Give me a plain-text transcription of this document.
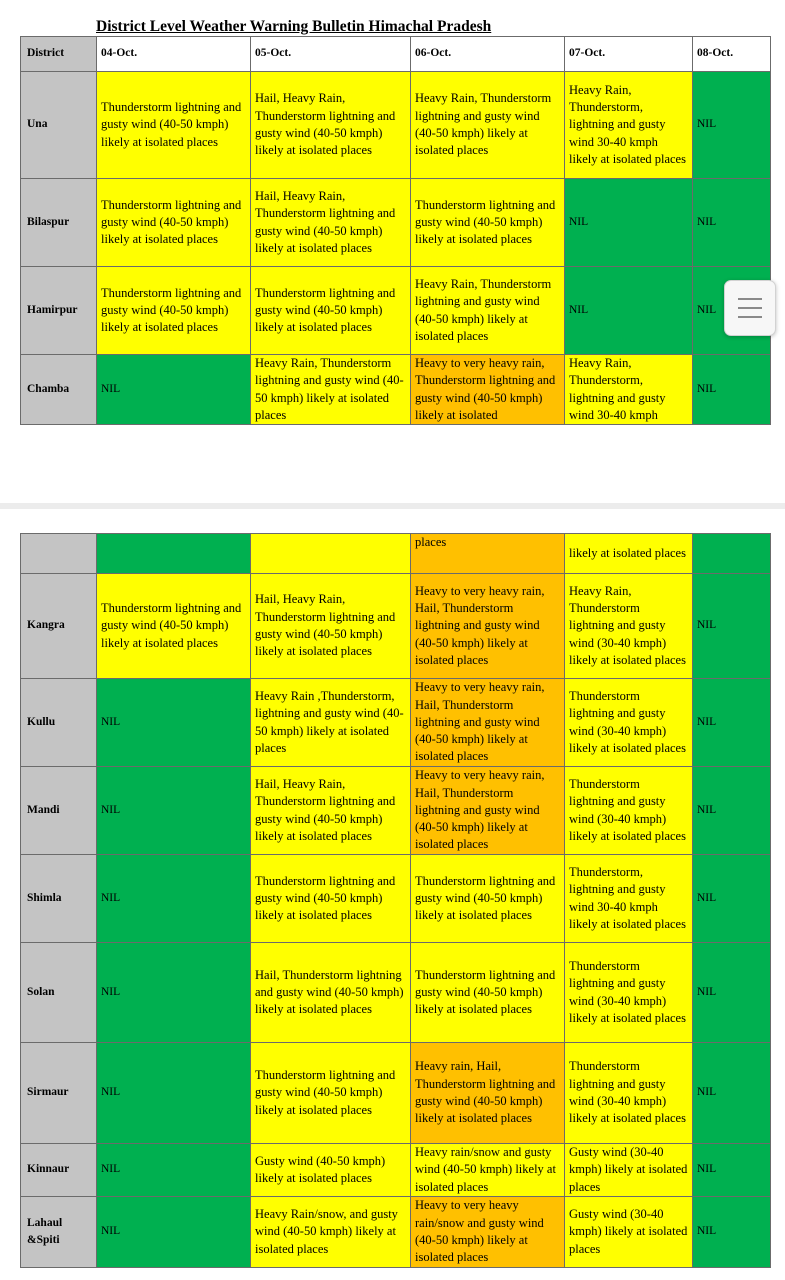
District Level Weather Warning Bulletin Himachal Pradesh
District	04-Oct.	05-Oct.	06-Oct.	07-Oct.	08-Oct.
Una	Thunderstorm lightning and gusty wind (40-50 kmph) likely at isolated places	Hail, Heavy Rain, Thunderstorm lightning and gusty wind (40-50 kmph) likely at isolated places	Heavy Rain, Thunderstorm lightning and gusty wind (40-50 kmph) likely at isolated places	Heavy Rain, Thunderstorm, lightning and gusty wind 30-40 kmph likely at isolated places	NIL
Bilaspur	Thunderstorm lightning and gusty wind (40-50 kmph) likely at isolated places	Hail, Heavy Rain, Thunderstorm lightning and gusty wind (40-50 kmph) likely at isolated places	Thunderstorm lightning and gusty wind (40-50 kmph) likely at isolated places	NIL	NIL
Hamirpur	Thunderstorm lightning and gusty wind (40-50 kmph) likely at isolated places	Thunderstorm lightning and gusty wind (40-50 kmph) likely at isolated places	Heavy Rain, Thunderstorm lightning and gusty wind (40-50 kmph) likely at isolated places	NIL	NIL
Chamba	NIL	Heavy Rain, Thunderstorm lightning and gusty wind (40-50 kmph) likely at isolated places	Heavy to very heavy rain, Thunderstorm lightning and gusty wind (40-50 kmph) likely at isolated	Heavy Rain, Thunderstorm, lightning and gusty wind 30-40 kmph	NIL
			places	likely at isolated places	
Kangra	Thunderstorm lightning and gusty wind (40-50 kmph) likely at isolated places	Hail, Heavy Rain, Thunderstorm lightning and gusty wind (40-50 kmph) likely at isolated places	Heavy to very heavy rain, Hail, Thunderstorm lightning and gusty wind (40-50 kmph) likely at isolated places	Heavy Rain, Thunderstorm lightning and gusty wind (30-40 kmph) likely at isolated places	NIL
Kullu	NIL	Heavy Rain ,Thunderstorm, lightning and gusty wind (40-50 kmph) likely at isolated places	Heavy to very heavy rain, Hail, Thunderstorm lightning and gusty wind (40-50 kmph) likely at isolated places	Thunderstorm lightning and gusty wind (30-40 kmph) likely at isolated places	NIL
Mandi	NIL	Hail, Heavy Rain, Thunderstorm lightning and gusty wind (40-50 kmph) likely at isolated places	Heavy to very heavy rain, Hail, Thunderstorm lightning and gusty wind (40-50 kmph) likely at isolated places	Thunderstorm lightning and gusty wind (30-40 kmph) likely at isolated places	NIL
Shimla	NIL	Thunderstorm lightning and gusty wind (40-50 kmph) likely at isolated places	Thunderstorm lightning and gusty wind (40-50 kmph) likely at isolated places	Thunderstorm, lightning and gusty wind 30-40 kmph likely at isolated places	NIL
Solan	NIL	Hail, Thunderstorm lightning and gusty wind (40-50 kmph) likely at isolated places	Thunderstorm lightning and gusty wind (40-50 kmph) likely at isolated places	Thunderstorm lightning and gusty wind (30-40 kmph) likely at isolated places	NIL
Sirmaur	NIL	Thunderstorm lightning and gusty wind (40-50 kmph) likely at isolated places	Heavy rain, Hail, Thunderstorm lightning and gusty wind (40-50 kmph) likely at isolated places	Thunderstorm lightning and gusty wind (30-40 kmph) likely at isolated places	NIL
Kinnaur	NIL	Gusty wind (40-50 kmph) likely at isolated places	Heavy rain/snow and gusty wind (40-50 kmph) likely at isolated places	Gusty wind (30-40 kmph) likely at isolated places	NIL
Lahaul &Spiti	NIL	Heavy Rain/snow, and gusty wind (40-50 kmph) likely at isolated places	Heavy to very heavy rain/snow and gusty wind (40-50 kmph) likely at isolated places	Gusty wind (30-40 kmph) likely at isolated places	NIL
